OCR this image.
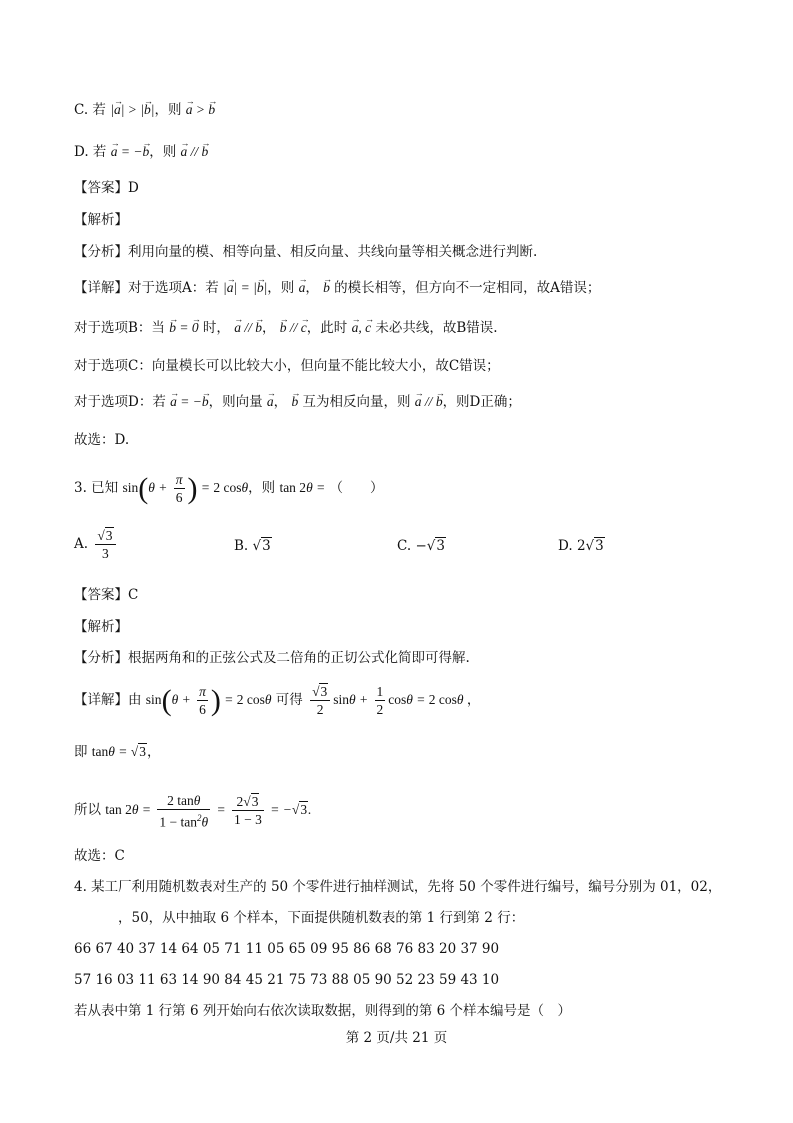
C. 若 |→ a| > |→ b|，则 → a > → b
D. 若 → a = −→ b，则 → a // → b
【答案】D
【解析】
【分析】利用向量的模、相等向量、相反向量、共线向量等相关概念进行判断.
【详解】对于选项A：若 |→ a| = |→ b|，则 → a， → b 的模长相等，但方向不一定相同，故A错误；
对于选项B：当 → b = → 0 时， → a // → b， → b // → c，此时 → a, → c 未必共线，故B错误.
对于选项C：向量模长可以比较大小，但向量不能比较大小，故C错误；
对于选项D：若 → a = −→ b，则向量 → a， → b 互为相反向量，则 → a // → b，则D正确；
故选：D.
3. 已知 $\sin(\theta + \frac{\pi}{6}$ ) = 2 cosθ，则 tan 2θ = （　　）
A. $\frac{√3}{3}$	B. √3	C. −√3	D. 2√3
【答案】C
【解析】
【分析】根据两角和的正弦公式及二倍角的正切公式化简即可得解.
【详解】由 $\sin(\theta + \frac{\pi}{6}$ ) = 2 cosθ 可得 $\frac{√3}{2}$ $\sin\theta + \frac{1}{2}$ cosθ = 2 cosθ ，
即 tanθ = √3，
所以 $\tan 2\theta = \frac{2 \tan\theta}{1 - \tan^2\theta} = \frac{2√3}{1 - 3} = -√3$.
故选：C
4. 某工厂利用随机数表对生产的 50 个零件进行抽样测试，先将 50 个零件进行编号，编号分别为 01，02，
，50，从中抽取 6 个样本，下面提供随机数表的第 1 行到第 2 行：
66 67 40 37 14 64 05 71 11 05 65 09 95 86 68 76 83 20 37 90
57 16 03 11 63 14 90 84 45 21 75 73 88 05 90 52 23 59 43 10
若从表中第 1 行第 6 列开始向右依次读取数据，则得到的第 6 个样本编号是（　）
第 2 页/共 21 页
